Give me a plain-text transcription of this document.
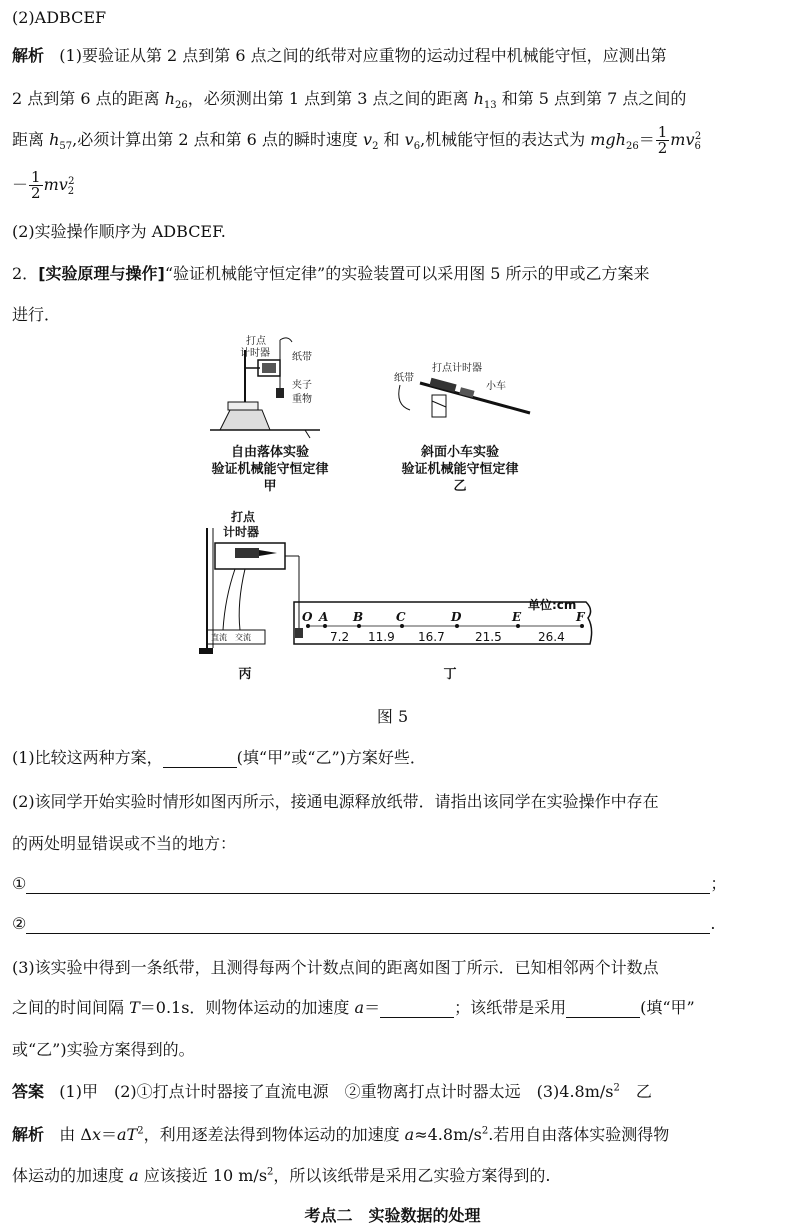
(2)ADBCEF
解析 (1)要验证从第 2 点到第 6 点之间的纸带对应重物的运动过程中机械能守恒，应测出第
2 点到第 6 点的距离 $h_{26}$，必须测出第 1 点到第 3 点之间的距离 $h_{13}$ 和第 5 点到第 7 点之间的
距离 $h_{57}$,必须计算出第 2 点和第 6 点的瞬时速度 $v_2$ 和 $v_6$,机械能守恒的表达式为 $mgh_{26}= \frac{1}{2} mv_6^2$
－ $\frac{1}{2} mv_2^2$
(2)实验操作顺序为 ADBCEF.
2．[实验原理与操作]“验证机械能守恒定律”的实验装置可以采用图 5 所示的甲或乙方案来
进行．
打点
计时器 纸带
夹子
重物
自由落体实验
验证机械能守恒定律
甲
纸带
打点计时器
小车
斜面小车实验
验证机械能守恒定律
乙
打点
计时器
直流 交流
丙
O A B	C	D	E	F
7.2 11.9 16.7	21.5	26.4
单位:cm
丁
图 5
(1)比较这两种方案，	(填“甲”或“乙”)方案好些．
(2)该同学开始实验时情形如图丙所示，接通电源释放纸带．请指出该同学在实验操作中存在
的两处明显错误或不当的地方：
①	；
②	.
(3)该实验中得到一条纸带，且测得每两个计数点间的距离如图丁所示．已知相邻两个计数点
之间的时间间隔 T＝0.1s．则物体运动的加速度 a＝	；该纸带是采用	(填“甲”
或“乙”)实验方案得到的。
答案 (1)甲　(2)①打点计时器接了直流电源　②重物离打点计时器太远　$(3)4.8m/s^2$　乙
解析 由 $\Delta x=aT^2$，利用逐差法得到物体运动的加速度 $a\approx 4.8m/s^2$.若用自由落体实验测得物
体运动的加速度 a 应该接近 10 $m/s^2$，所以该纸带是采用乙实验方案得到的.
考点二　实验数据的处理
